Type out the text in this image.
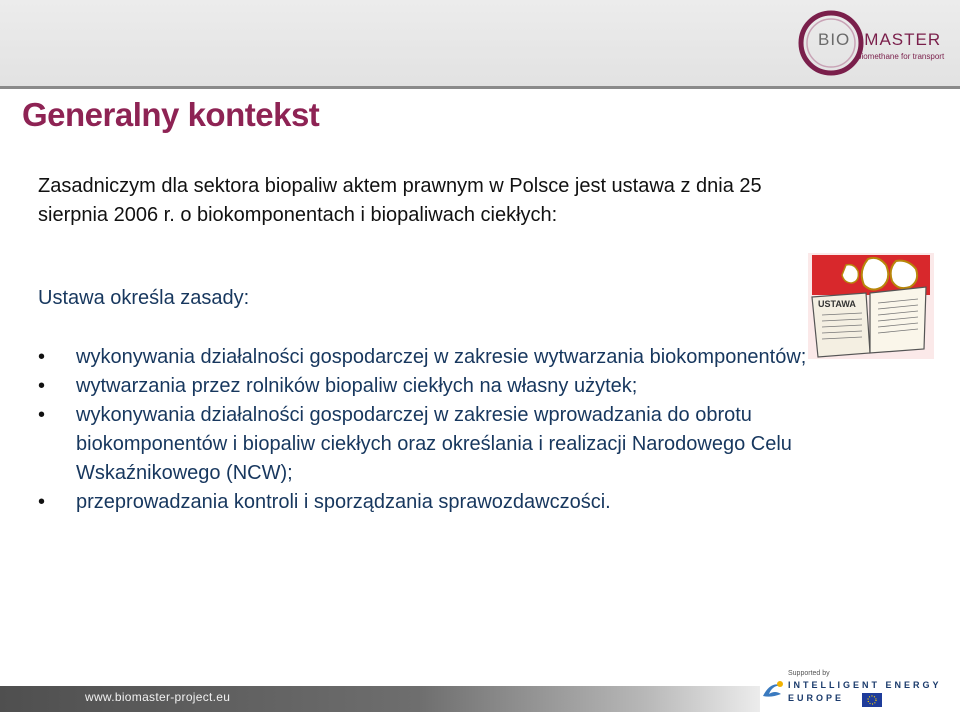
BIO MASTER
biomethane for transport
Generalny kontekst

Zasadniczym dla sektora biopaliw aktem prawnym w Polsce jest ustawa z dnia 25 sierpnia 2006 r. o biokomponentach i biopaliwach ciekłych:

Ustawa określa zasady:

• wykonywania działalności gospodarczej w zakresie wytwarzania biokomponentów;
• wytwarzania przez rolników biopaliw ciekłych na własny użytek;
• wykonywania działalności gospodarczej w zakresie wprowadzania do obrotu biokomponentów i biopaliw ciekłych oraz określania i realizacji Narodowego Celu Wskaźnikowego (NCW);
• przeprowadzania kontroli i sporządzania sprawozdawczości.
USTAWA
www.biomaster-project.eu
Supported by
INTELLIGENT ENERGY
EUROPE
